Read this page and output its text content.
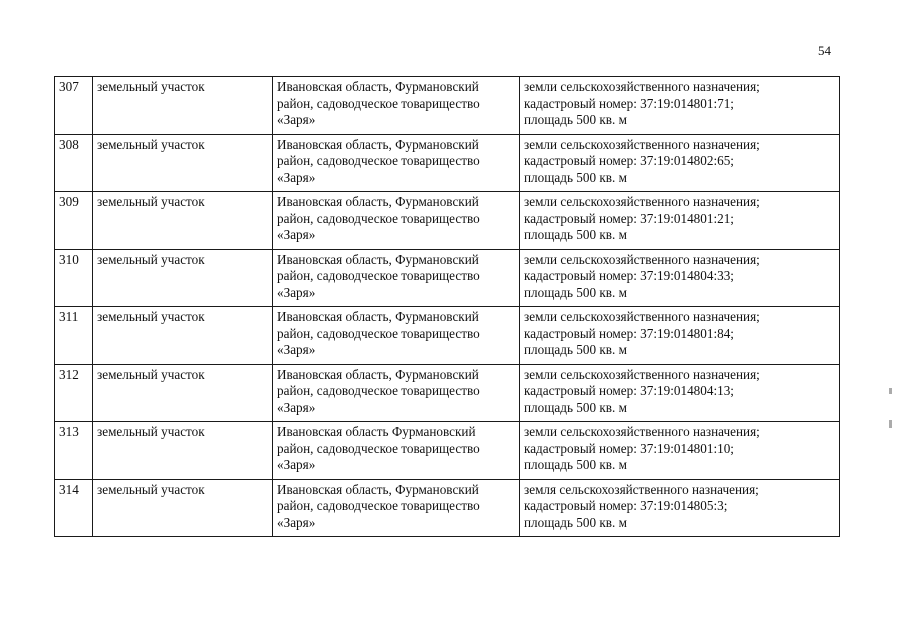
54
307	земельный участок	Ивановская область, Фурмановский
район, садоводческое товарищество
«Заря»	земли сельскохозяйственного назначения;
кадастровый номер: 37:19:014801:71;
площадь 500 кв. м

308	земельный участок	Ивановская область, Фурмановский
район, садоводческое товарищество
«Заря»	земли сельскохозяйственного назначения;
кадастровый номер: 37:19:014802:65;
площадь 500 кв. м

309	земельный участок	Ивановская область, Фурмановский
район, садоводческое товарищество
«Заря»	земли сельскохозяйственного назначения;
кадастровый номер: 37:19:014801:21;
площадь 500 кв. м

310	земельный участок	Ивановская область, Фурмановский
район, садоводческое товарищество
«Заря»	земли сельскохозяйственного назначения;
кадастровый номер: 37:19:014804:33;
площадь 500 кв. м

311	земельный участок	Ивановская область, Фурмановский
район, садоводческое товарищество
«Заря»	земли сельскохозяйственного назначения;
кадастровый номер: 37:19:014801:84;
площадь 500 кв. м

312	земельный участок	Ивановская область, Фурмановский
район, садоводческое товарищество
«Заря»	земли сельскохозяйственного назначения;
кадастровый номер: 37:19:014804:13;
площадь 500 кв. м

313	земельный участок	Ивановская область Фурмановский
район, садоводческое товарищество
«Заря»	земли сельскохозяйственного назначения;
кадастровый номер: 37:19:014801:10;
площадь 500 кв. м

314	земельный участок	Ивановская область, Фурмановский
район, садоводческое товарищество
«Заря»	земля сельскохозяйственного назначения;
кадастровый номер: 37:19:014805:3;
площадь 500 кв. м
